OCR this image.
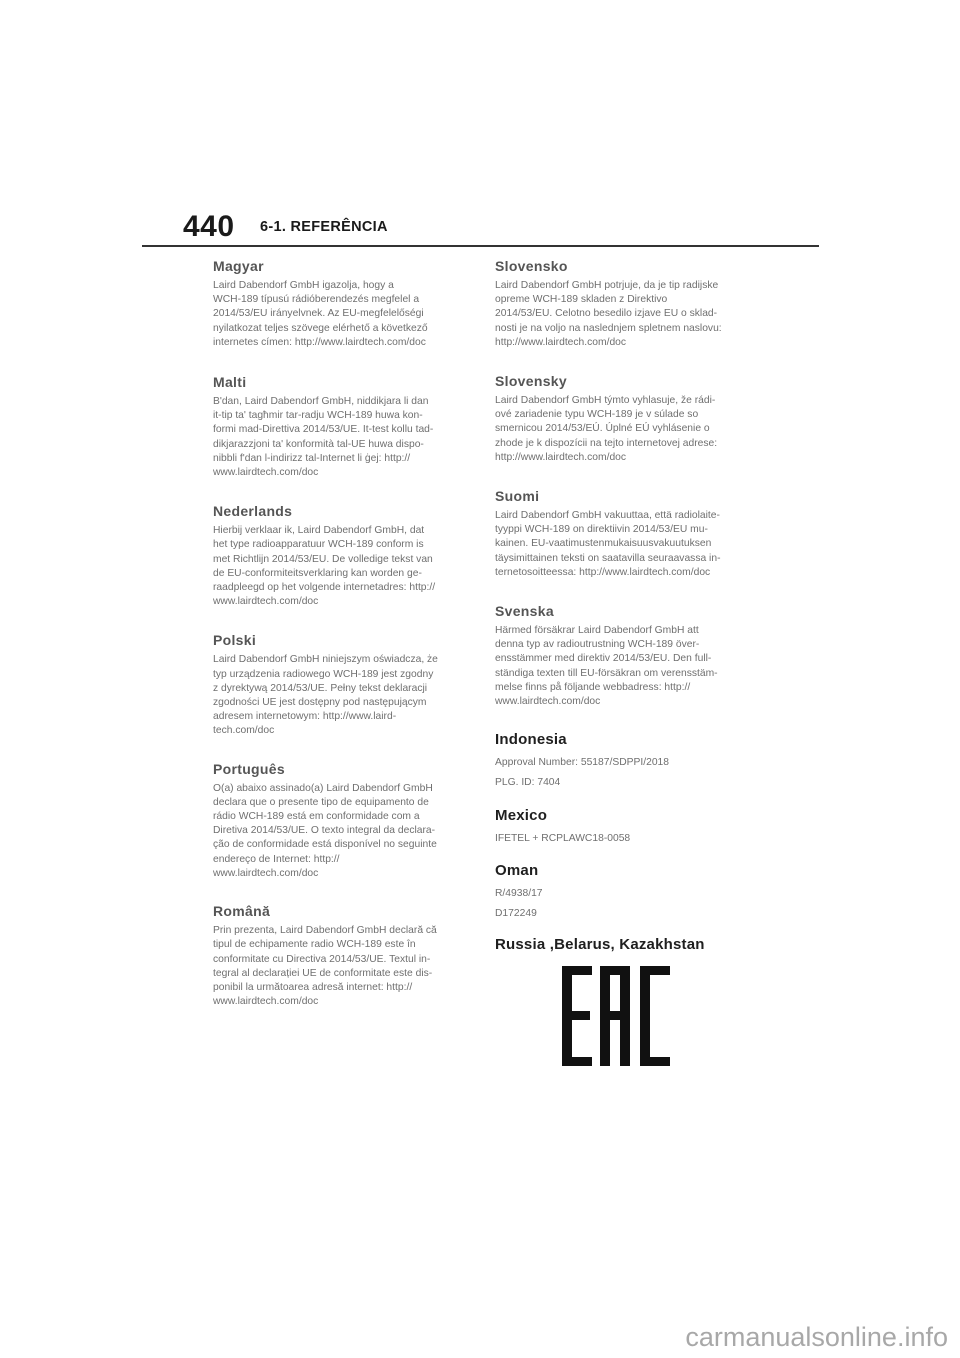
440 6-1. REFERÊNCIA
Magyar

Laird Dabendorf GmbH igazolja, hogy a
WCH-189 típusú rádióberendezés megfelel a
2014/53/EU irányelvnek. Az EU-megfelelőségi
nyilatkozat teljes szövege elérhető a következő
internetes címen: http://www.lairdtech.com/doc

Malti

B'dan, Laird Dabendorf GmbH, niddikjara li dan
it-tip ta' tagħmir tar-radju WCH-189 huwa kon-
formi mad-Direttiva 2014/53/UE. It-test kollu tad-
dikjarazzjoni ta' konformità tal-UE huwa dispo-
nibbli f'dan l-indirizz tal-Internet li ġej: http://
www.lairdtech.com/doc

Nederlands

Hierbij verklaar ik, Laird Dabendorf GmbH, dat
het type radioapparatuur WCH-189 conform is
met Richtlijn 2014/53/EU. De volledige tekst van
de EU-conformiteitsverklaring kan worden ge-
raadpleegd op het volgende internetadres: http://
www.lairdtech.com/doc

Polski

Laird Dabendorf GmbH niniejszym oświadcza, że
typ urządzenia radiowego WCH-189 jest zgodny
z dyrektywą 2014/53/UE. Pełny tekst deklaracji
zgodności UE jest dostępny pod następującym
adresem internetowym: http://www.laird-
tech.com/doc

Português

O(a) abaixo assinado(a) Laird Dabendorf GmbH
declara que o presente tipo de equipamento de
rádio WCH-189 está em conformidade com a
Diretiva 2014/53/UE. O texto integral da declara-
ção de conformidade está disponível no seguinte
endereço de Internet: http://
www.lairdtech.com/doc

Română

Prin prezenta, Laird Dabendorf GmbH declară că
tipul de echipamente radio WCH-189 este în
conformitate cu Directiva 2014/53/UE. Textul in-
tegral al declarației UE de conformitate este dis-
ponibil la următoarea adresă internet: http://
www.lairdtech.com/doc

Slovensko

Laird Dabendorf GmbH potrjuje, da je tip radijske
opreme WCH-189 skladen z Direktivo
2014/53/EU. Celotno besedilo izjave EU o sklad-
nosti je na voljo na naslednjem spletnem naslovu:
http://www.lairdtech.com/doc

Slovensky

Laird Dabendorf GmbH týmto vyhlasuje, že rádi-
ové zariadenie typu WCH-189 je v súlade so
smernicou 2014/53/EÚ. Úplné EÚ vyhlásenie o
zhode je k dispozícii na tejto internetovej adrese:
http://www.lairdtech.com/doc

Suomi

Laird Dabendorf GmbH vakuuttaa, että radiolaite-
tyyppi WCH-189 on direktiivin 2014/53/EU mu-
kainen. EU-vaatimustenmukaisuusvakuutuksen
täysimittainen teksti on saatavilla seuraavassa in-
ternetosoitteessa: http://www.lairdtech.com/doc

Svenska

Härmed försäkrar Laird Dabendorf GmbH att
denna typ av radioutrustning WCH-189 över-
ensstämmer med direktiv 2014/53/EU. Den full-
ständiga texten till EU-försäkran om verensstäm-
melse finns på följande webbadress: http://
www.lairdtech.com/doc

Indonesia

Approval Number: 55187/SDPPI/2018
PLG. ID: 7404

Mexico

IFETEL + RCPLAWC18-0058

Oman

R/4938/17
D172249

Russia ,Belarus, Kazakhstan
carmanualsonline.info
